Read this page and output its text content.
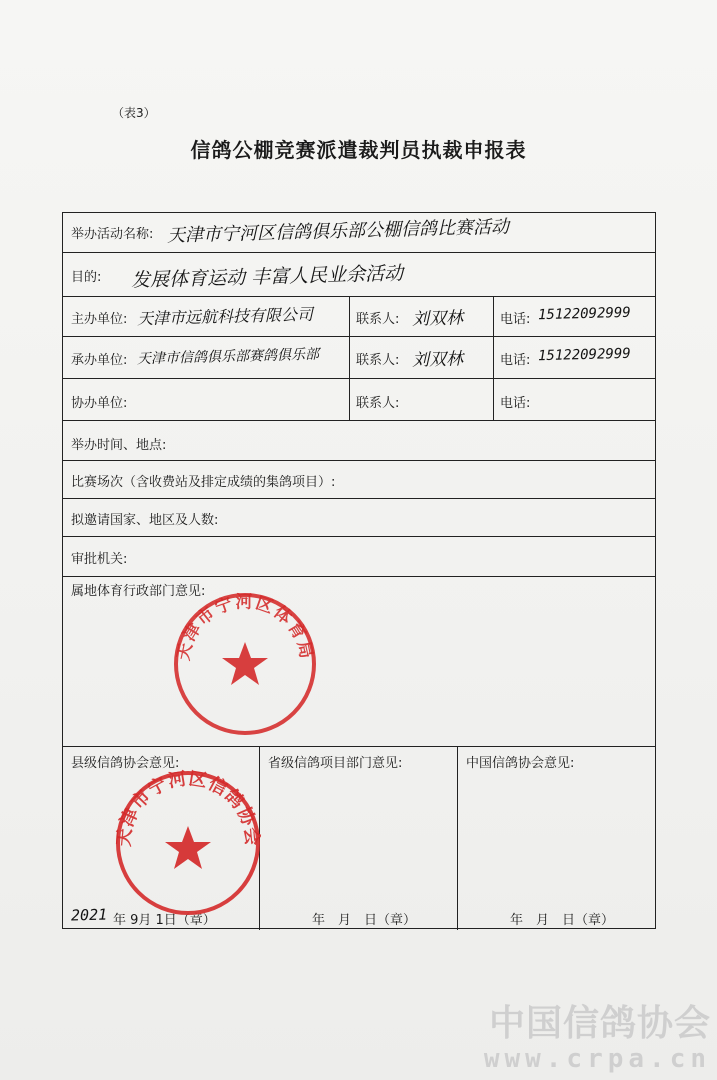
（表3）
信鸽公棚竞赛派遣裁判员执裁申报表
举办活动名称: 天津市宁河区信鸽俱乐部公棚信鸽比赛活动
目的: 发展体育运动 丰富人民业余活动
主办单位: 天津市远航科技有限公司	联系人: 刘双林	电话: 15122092999
承办单位: 天津市信鸽俱乐部赛鸽俱乐部	联系人: 刘双林	电话: 15122092999
协办单位:	联系人:	电话:
举办时间、地点:
比赛场次（含收费站及排定成绩的集鸽项目）:
拟邀请国家、地区及人数:
审批机关:
属地体育行政部门意见:
县级信鸽协会意见:
2021 年 9月 1日（章）
省级信鸽项目部门意见:
年　月　日（章）
中国信鸽协会意见:
年　月　日（章）
天津市宁河区体育局
天津市宁河区信鸽协会
中国信鸽协会
www.crpa.cn
